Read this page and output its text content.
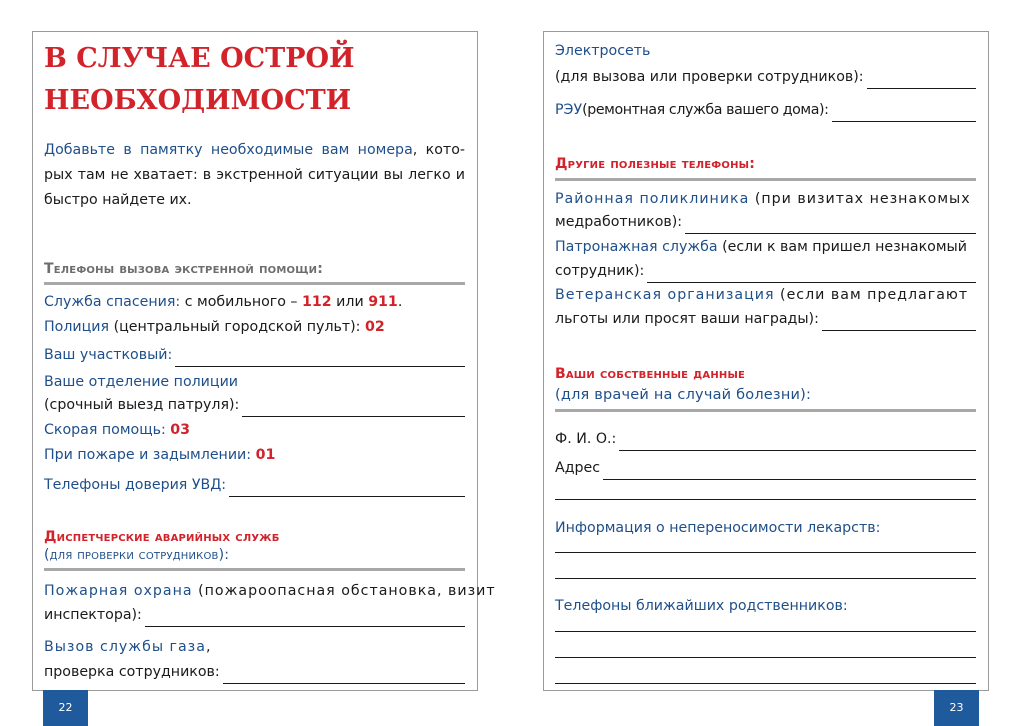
В СЛУЧАЕ ОСТРОЙ
НЕОБХОДИМОСТИ
Добавьте в памятку необходимые вам номера, кото-рых там не хватает: в экстренной ситуации вы легко и быстро найдете их.
Телефоны вызова экстренной помощи:
Служба спасения: с мобильного – 112 или 911.
Полиция (центральный городской пульт): 02
Ваш участковый:
Ваше отделение полиции
(срочный выезд патруля):
Скорая помощь: 03
При пожаре и задымлении: 01
Телефоны доверия УВД:
Диспетчерские аварийных служб
(для проверки сотрудников):
Пожарная охрана (пожароопасная обстановка, визит
инспектора):
Вызов службы газа,
проверка сотрудников:
22
Электросеть
(для вызова или проверки сотрудников):
РЭУ (ремонтная служба вашего дома):
Другие полезные телефоны:
Районная поликлиника (при визитах незнакомых
медработников):
Патронажная служба (если к вам пришел незнакомый
сотрудник):
Ветеранская организация (если вам предлагают
льготы или просят ваши награды):
Ваши собственные данные
(для врачей на случай болезни):
Ф. И. О.:
Адрес
Информация о непереносимости лекарств:
Телефоны ближайших родственников:
23
